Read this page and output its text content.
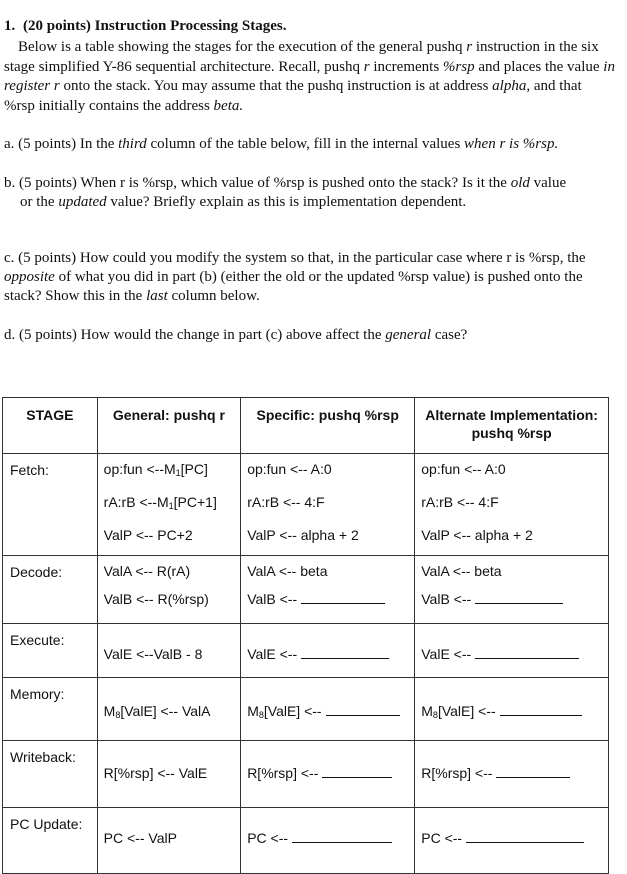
1. (20 points) Instruction Processing Stages.
Below is a table showing the stages for the execution of the general pushq r instruction in the six stage simplified Y-86 sequential architecture. Recall, pushq r increments %rsp and places the value in register r onto the stack. You may assume that the pushq instruction is at address alpha, and that %rsp initially contains the address beta.
a. (5 points) In the third column of the table below, fill in the internal values when r is %rsp.
b. (5 points) When r is %rsp, which value of %rsp is pushed onto the stack? Is it the old value
or the updated value? Briefly explain as this is implementation dependent.
c. (5 points) How could you modify the system so that, in the particular case where r is %rsp, the opposite of what you did in part (b) (either the old or the updated %rsp value) is pushed onto the stack? Show this in the last column below.
d. (5 points) How would the change in part (c) above affect the general case?
STAGE	General: pushq r	Specific: pushq %rsp	Alternate Implementation:
pushq %rsp

Fetch:	op:fun $<--M_1[PC]$
rA:rB $<--M_1[PC+1]$
ValP <-- PC+2	op:fun <-- A:0
rA:rB <-- 4:F
ValP <-- alpha + 2	op:fun <-- A:0
rA:rB <-- 4:F
ValP <-- alpha + 2

Decode:	ValA <-- R(rA)
ValB <-- R(%rsp)	ValA <-- beta
ValB <--	ValA <-- beta
ValB <--

Execute:	ValE <--ValB - 8	ValE <--	ValE <--

Memory:	$M_8[ValE]$ <-- ValA	$M_8[ValE]$ <--	$M_8[ValE]$ <--

Writeback:	R[%rsp] <-- ValE	R[%rsp] <--	R[%rsp] <--

PC Update:	PC <-- ValP	PC <--	PC <--
